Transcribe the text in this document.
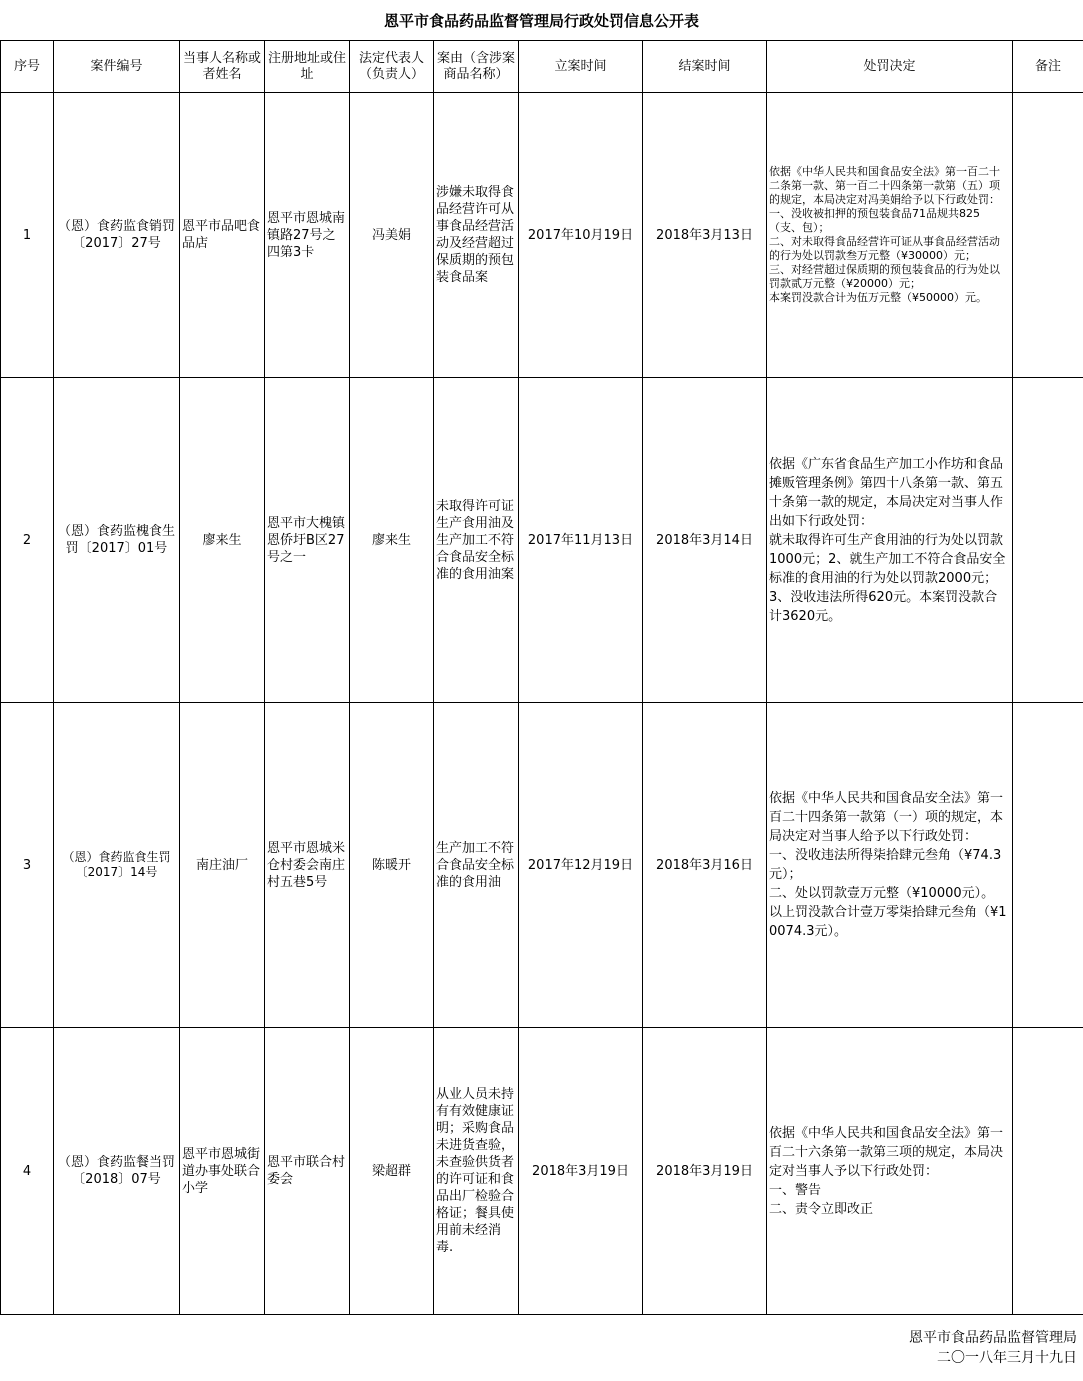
恩平市食品药品监督管理局行政处罚信息公开表
序号	案件编号	当事人名称或者姓名	注册地址或住址	法定代表人（负责人）	案由（含涉案商品名称）	立案时间	结案时间	处罚决定	备注
1	（恩）食药监食销罚〔2017〕27号	恩平市品吧食品店	恩平市恩城南镇路27号之四第3卡	冯美娟	涉嫌未取得食品经营许可从事食品经营活动及经营超过保质期的预包装食品案	2017年10月19日	2018年3月13日	依据《中华人民共和国食品安全法》第一百二十二条第一款、第一百二十四条第一款第（五）项的规定，本局决定对冯美娟给予以下行政处罚：
一、没收被扣押的预包装食品71品规共825（支、包）；
二、对未取得食品经营许可证从事食品经营活动的行为处以罚款叁万元整（¥30000）元；
三、对经营超过保质期的预包装食品的行为处以罚款贰万元整（¥20000）元；
本案罚没款合计为伍万元整（¥50000）元。	
2	（恩）食药监槐食生罚〔2017〕01号	廖来生	恩平市大槐镇恩侨圩B区27号之一	廖来生	未取得许可证生产食用油及生产加工不符合食品安全标准的食用油案	2017年11月13日	2018年3月14日	依据《广东省食品生产加工小作坊和食品摊贩管理条例》第四十八条第一款、第五十条第一款的规定，本局决定对当事人作出如下行政处罚：
就未取得许可生产食用油的行为处以罚款1000元；2、就生产加工不符合食品安全标准的食用油的行为处以罚款2000元；3、没收违法所得620元。本案罚没款合计3620元。	
3	（恩）食药监食生罚〔2017〕14号	南庄油厂	恩平市恩城米仓村委会南庄村五巷5号	陈暖开	生产加工不符合食品安全标准的食用油	2017年12月19日	2018年3月16日	依据《中华人民共和国食品安全法》第一百二十四条第一款第（一）项的规定，本局决定对当事人给予以下行政处罚：
一、没收违法所得柒拾肆元叁角（¥74.3元）；
二、处以罚款壹万元整（¥10000元）。
以上罚没款合计壹万零柒拾肆元叁角（¥10074.3元）。	
4	（恩）食药监餐当罚〔2018〕07号	恩平市恩城街道办事处联合小学	恩平市联合村委会	梁超群	从业人员未持有有效健康证明；采购食品未进货查验，未查验供货者的许可证和食品出厂检验合格证；餐具使用前未经消毒.	2018年3月19日	2018年3月19日	依据《中华人民共和国食品安全法》第一百二十六条第一款第三项的规定，本局决定对当事人予以下行政处罚：
一、警告
二、责令立即改正	
恩平市食品药品监督管理局
二〇一八年三月十九日
